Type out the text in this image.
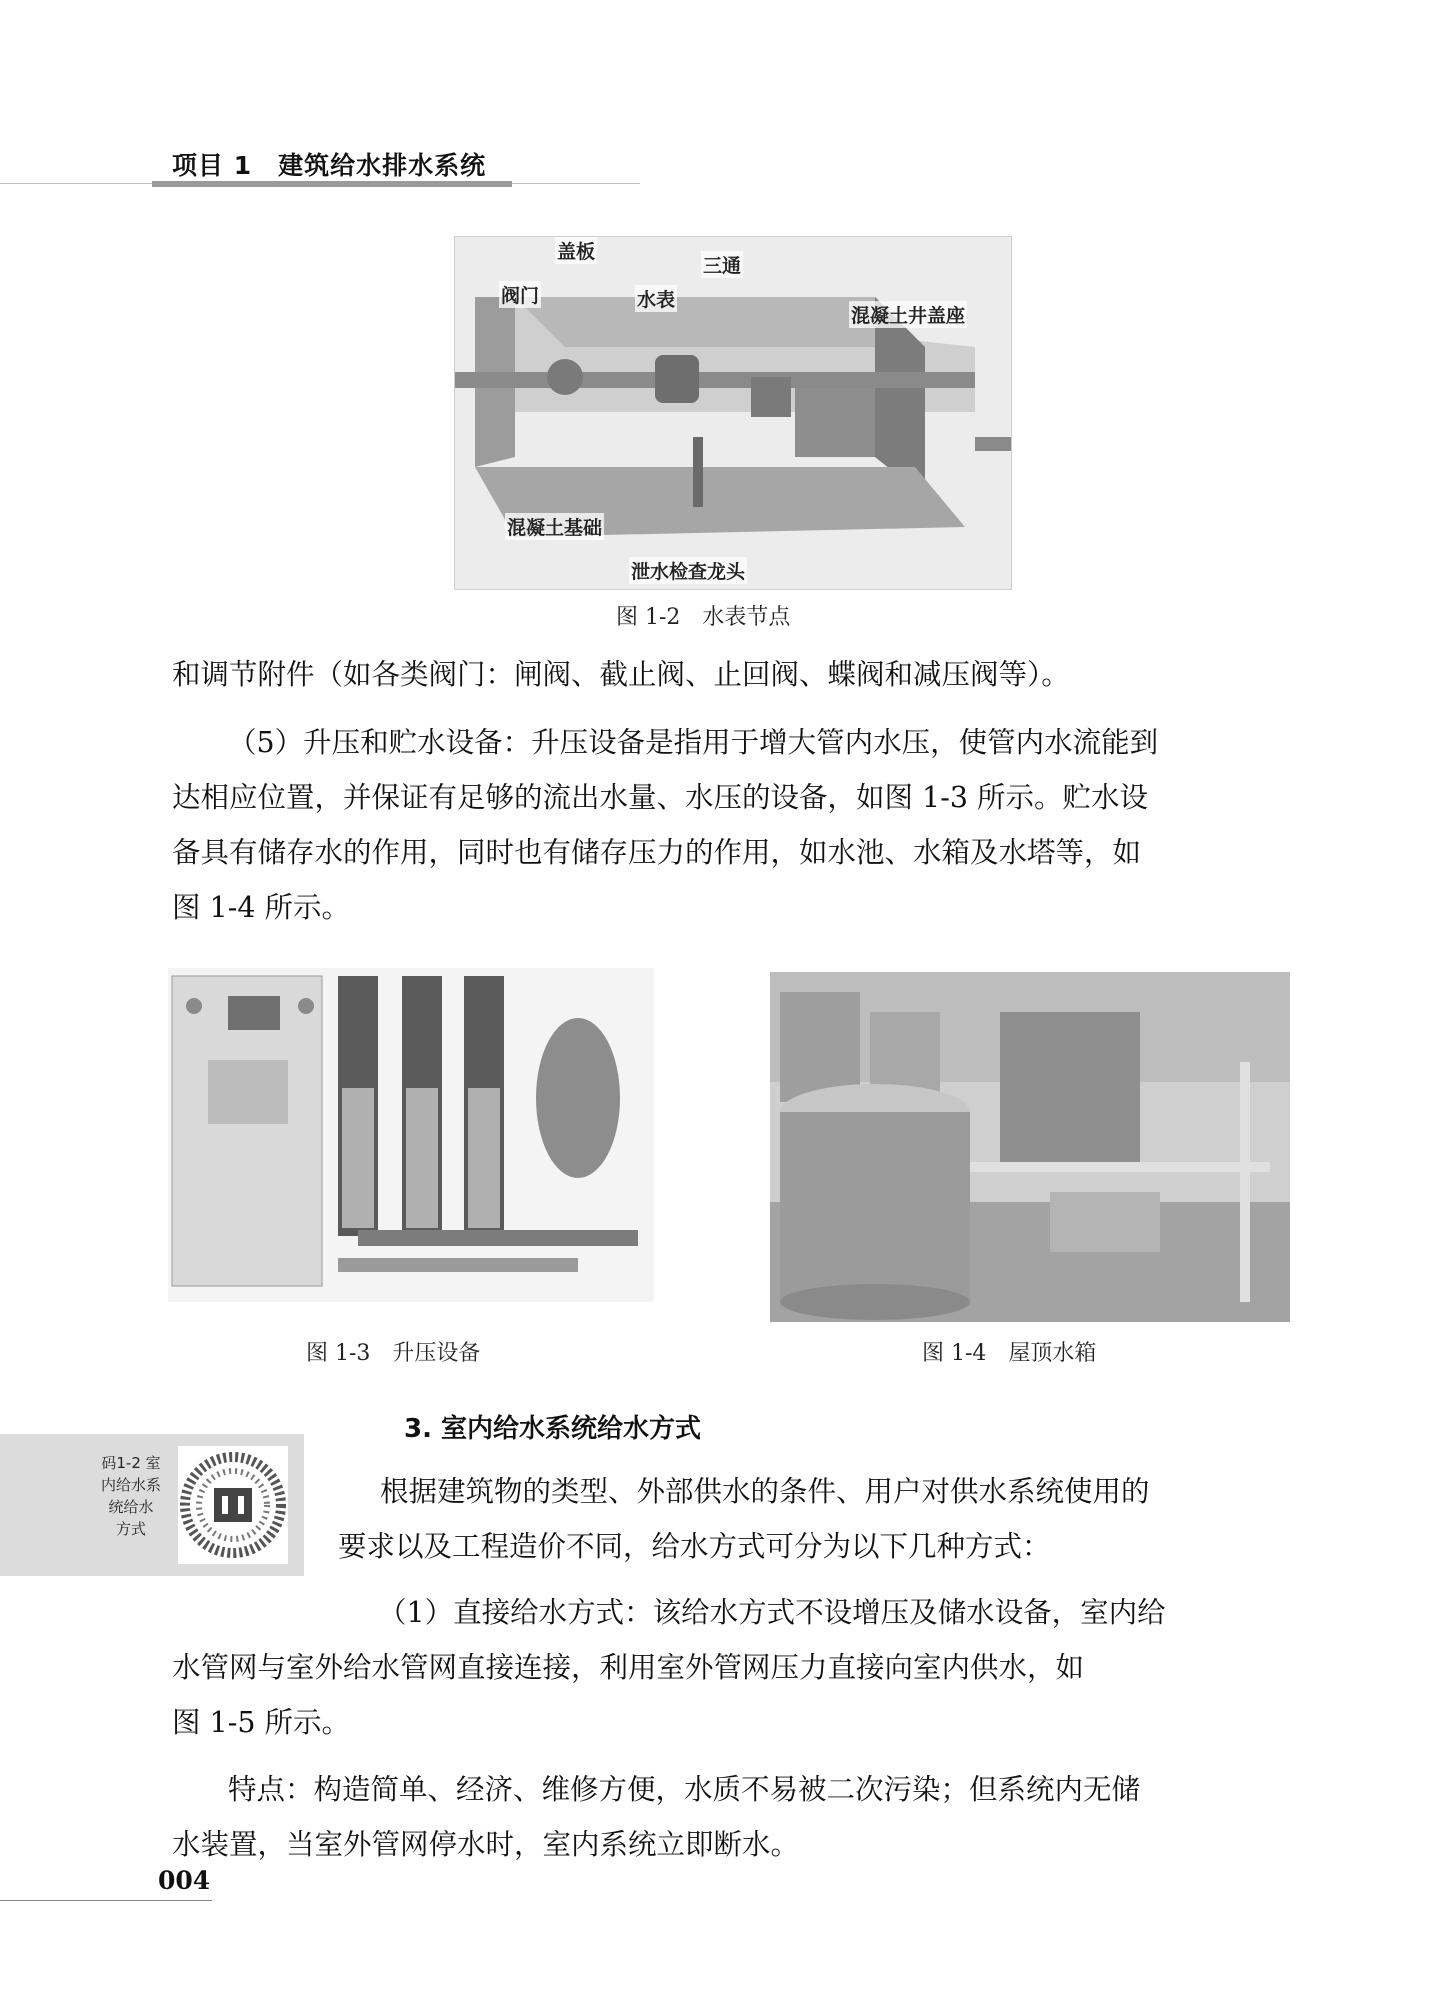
项目 1　建筑给水排水系统
盖板
三通
阀门	水表
混凝土井盖座
混凝土基础
泄水检查龙头
图 1-2　水表节点
和调节附件（如各类阀门：闸阀、截止阀、止回阀、蝶阀和减压阀等）。
（5）升压和贮水设备：升压设备是指用于增大管内水压，使管内水流能到
达相应位置，并保证有足够的流出水量、水压的设备，如图 1-3 所示。贮水设
备具有储存水的作用，同时也有储存压力的作用，如水池、水箱及水塔等，如
图 1-4 所示。
图 1-3　升压设备	图 1-4　屋顶水箱
码1-2 室
内给水系
统给水
方式
3. 室内给水系统给水方式
根据建筑物的类型、外部供水的条件、用户对供水系统使用的
要求以及工程造价不同，给水方式可分为以下几种方式：
（1）直接给水方式：该给水方式不设增压及储水设备，室内给
水管网与室外给水管网直接连接，利用室外管网压力直接向室内供水，如
图 1-5 所示。
特点：构造简单、经济、维修方便，水质不易被二次污染；但系统内无储
水装置，当室外管网停水时，室内系统立即断水。
004
